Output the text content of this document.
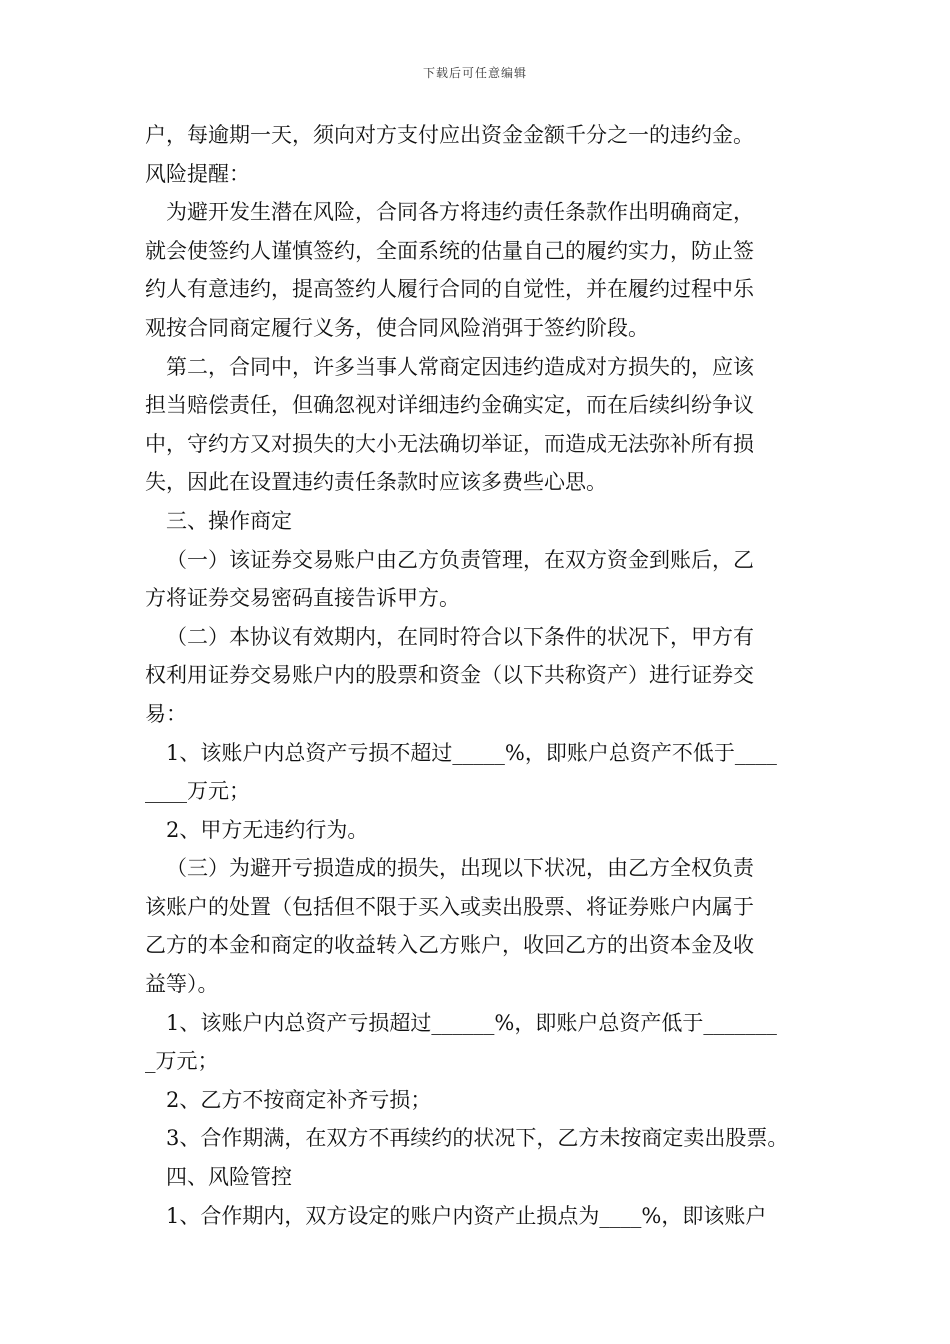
下载后可任意编辑
户，每逾期一天，须向对方支付应出资金金额千分之一的违约金。
风险提醒：
为避开发生潜在风险，合同各方将违约责任条款作出明确商定，
就会使签约人谨慎签约，全面系统的估量自己的履约实力，防止签
约人有意违约，提高签约人履行合同的自觉性，并在履约过程中乐
观按合同商定履行义务，使合同风险消弭于签约阶段。
第二，合同中，许多当事人常商定因违约造成对方损失的，应该
担当赔偿责任，但确忽视对详细违约金确实定，而在后续纠纷争议
中，守约方又对损失的大小无法确切举证，而造成无法弥补所有损
失，因此在设置违约责任条款时应该多费些心思。
三、操作商定
（一）该证券交易账户由乙方负责管理，在双方资金到账后，乙
方将证券交易密码直接告诉甲方。
（二）本协议有效期内，在同时符合以下条件的状况下，甲方有
权利用证券交易账户内的股票和资金（以下共称资产）进行证券交
易：
1、该账户内总资产亏损不超过_____%，即账户总资产不低于____
____万元；
2、甲方无违约行为。
（三）为避开亏损造成的损失，出现以下状况，由乙方全权负责
该账户的处置（包括但不限于买入或卖出股票、将证券账户内属于
乙方的本金和商定的收益转入乙方账户，收回乙方的出资本金及收
益等）。
1、该账户内总资产亏损超过______%，即账户总资产低于_______
_万元；
2、乙方不按商定补齐亏损；
3、合作期满，在双方不再续约的状况下，乙方未按商定卖出股票。
四、风险管控
1、合作期内，双方设定的账户内资产止损点为____%，即该账户
